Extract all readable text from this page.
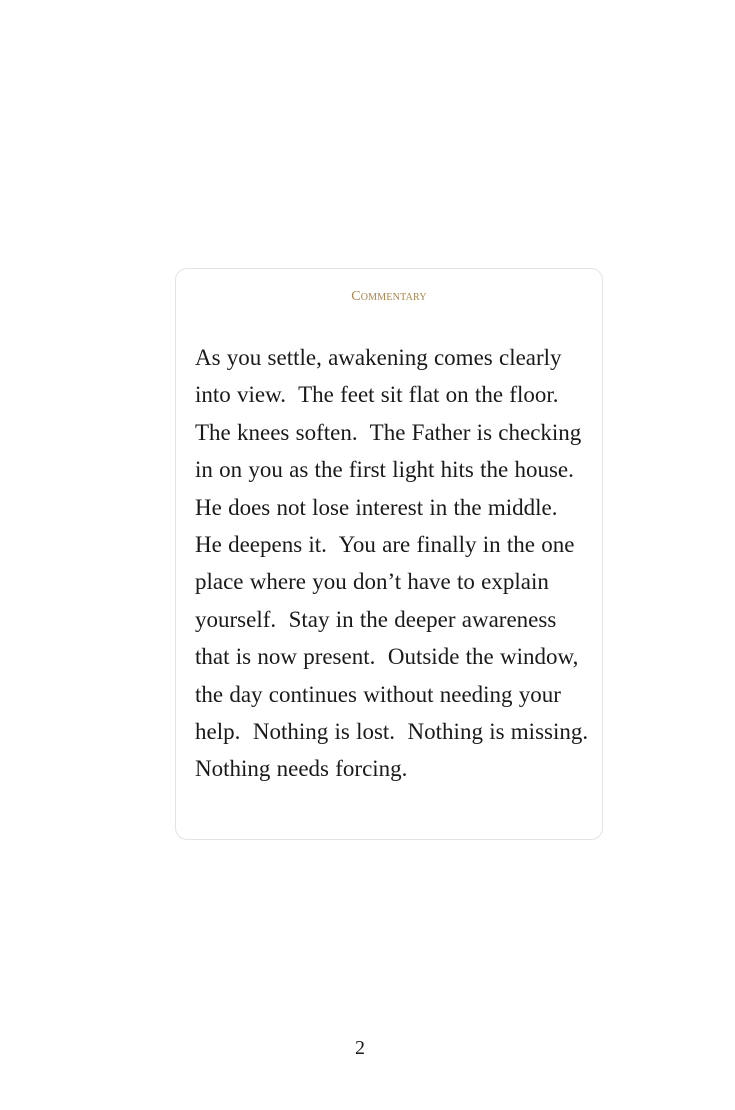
Commentary

As you settle, awakening comes clearly into view.  The feet sit flat on the floor.  The knees soften.  The Father is checking in on you as the first light hits the house.  He does not lose interest in the middle.  He deepens it.  You are finally in the one place where you don’t have to explain yourself.  Stay in the deeper awareness that is now present.  Outside the window, the day continues without needing your help.  Nothing is lost.  Nothing is missing.  Nothing needs forcing.

2
